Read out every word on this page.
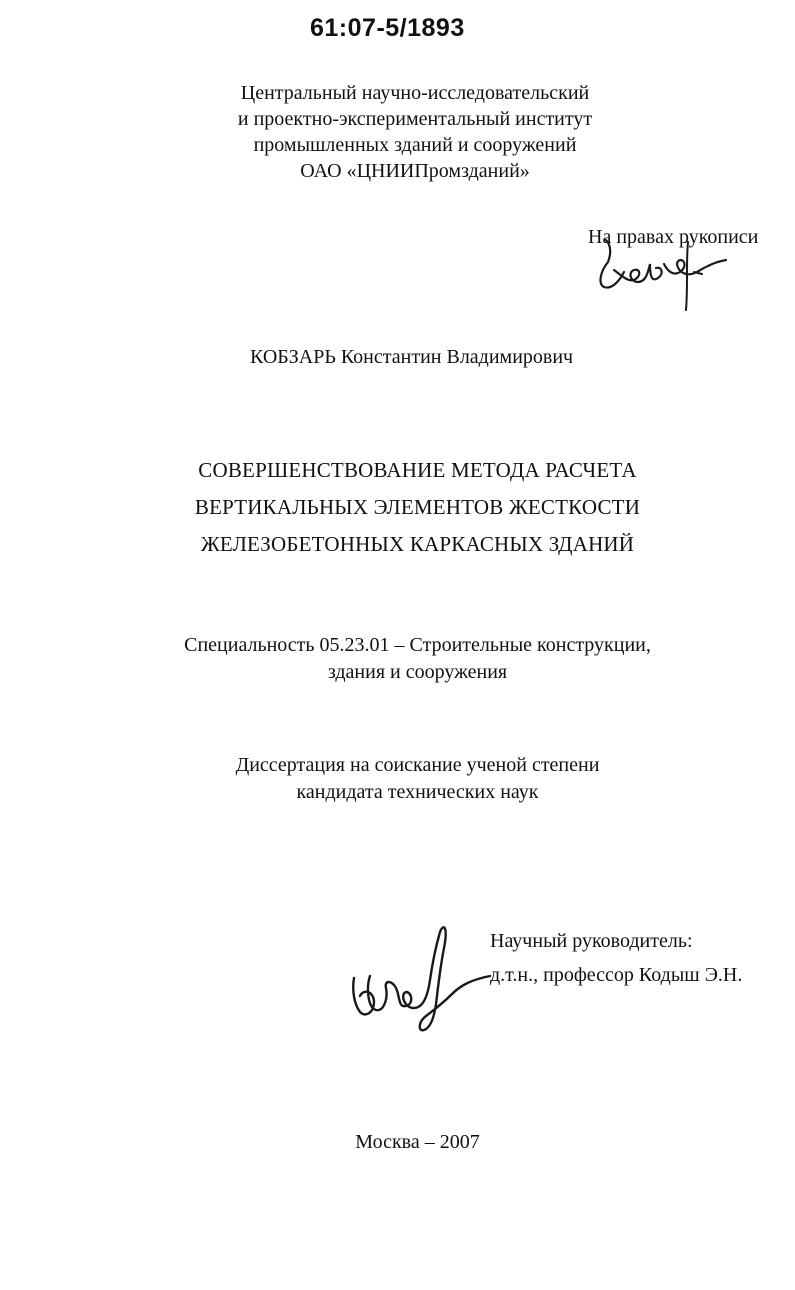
61:07-5/1893
Центральный научно-исследовательский
и проектно-экспериментальный институт
промышленных зданий и сооружений
ОАО «ЦНИИПромзданий»
На правах рукописи
КОБЗАРЬ Константин Владимирович
СОВЕРШЕНСТВОВАНИЕ МЕТОДА РАСЧЕТА
ВЕРТИКАЛЬНЫХ ЭЛЕМЕНТОВ ЖЕСТКОСТИ
ЖЕЛЕЗОБЕТОННЫХ КАРКАСНЫХ ЗДАНИЙ
Специальность 05.23.01 – Строительные конструкции,
здания и сооружения
Диссертация на соискание ученой степени
кандидата технических наук
Научный руководитель:
д.т.н., профессор Кодыш Э.Н.
Москва – 2007
